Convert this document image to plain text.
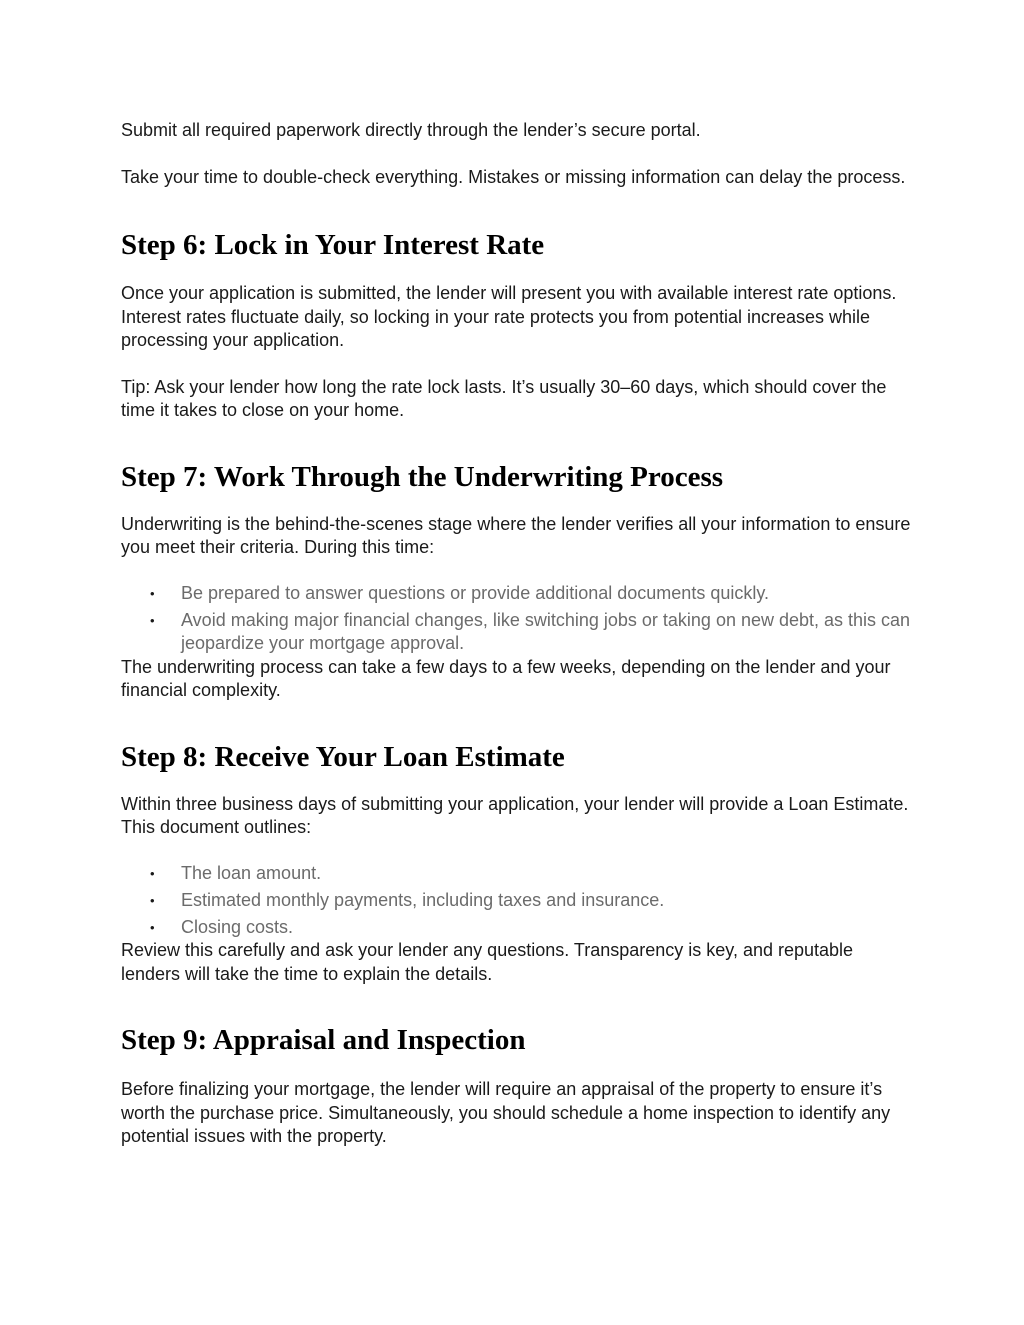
Submit all required paperwork directly through the lender’s secure portal.

Take your time to double-check everything. Mistakes or missing information can delay the process.

Step 6: Lock in Your Interest Rate

Once your application is submitted, the lender will present you with available interest rate options. Interest rates fluctuate daily, so locking in your rate protects you from potential increases while processing your application.

Tip: Ask your lender how long the rate lock lasts. It’s usually 30–60 days, which should cover the time it takes to close on your home.

Step 7: Work Through the Underwriting Process

Underwriting is the behind-the-scenes stage where the lender verifies all your information to ensure you meet their criteria. During this time:

• Be prepared to answer questions or provide additional documents quickly.
• Avoid making major financial changes, like switching jobs or taking on new debt, as this can jeopardize your mortgage approval.

The underwriting process can take a few days to a few weeks, depending on the lender and your financial complexity.

Step 8: Receive Your Loan Estimate

Within three business days of submitting your application, your lender will provide a Loan Estimate. This document outlines:

• The loan amount.
• Estimated monthly payments, including taxes and insurance.
• Closing costs.

Review this carefully and ask your lender any questions. Transparency is key, and reputable lenders will take the time to explain the details.

Step 9: Appraisal and Inspection

Before finalizing your mortgage, the lender will require an appraisal of the property to ensure it’s worth the purchase price. Simultaneously, you should schedule a home inspection to identify any potential issues with the property.
